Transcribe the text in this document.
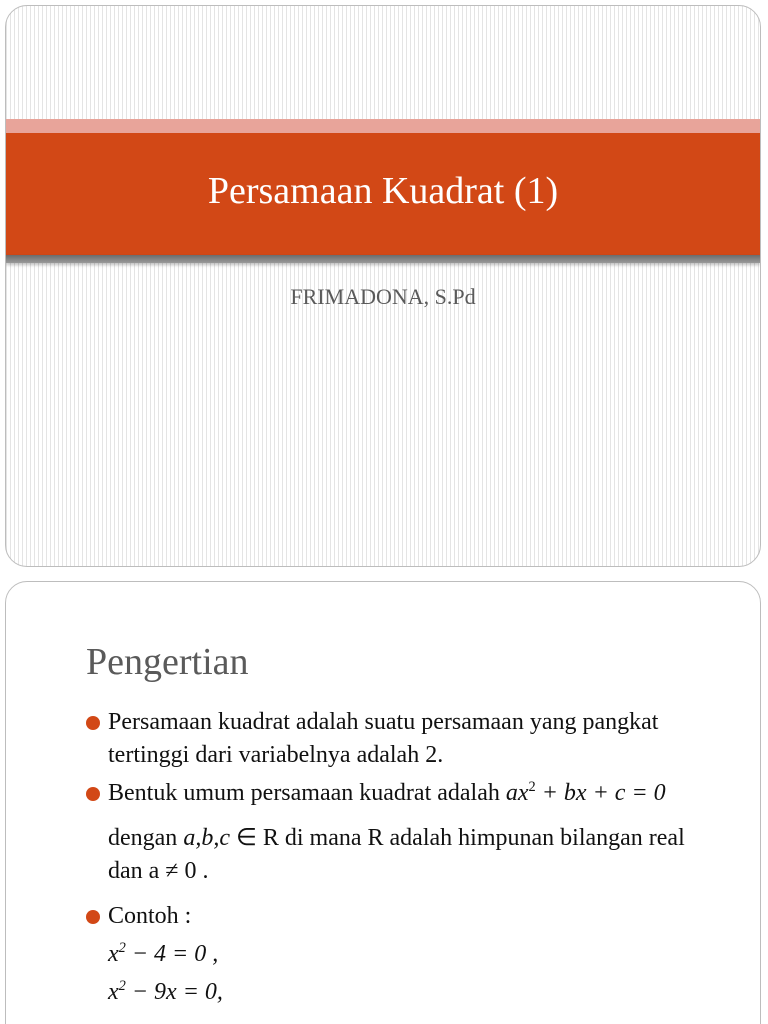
Persamaan Kuadrat (1)
FRIMADONA, S.Pd
Pengertian
Persamaan kuadrat adalah suatu persamaan yang pangkat tertinggi dari variabelnya adalah 2.
Bentuk umum persamaan kuadrat adalah $ax^2$ + bx + c = 0
dengan a,b,c ∈ R di mana R adalah himpunan bilangan real dan a ≠ 0 .
Contoh :
$x^2 - 4 = 0$ ,
$x^2 - 9x = 0$,
